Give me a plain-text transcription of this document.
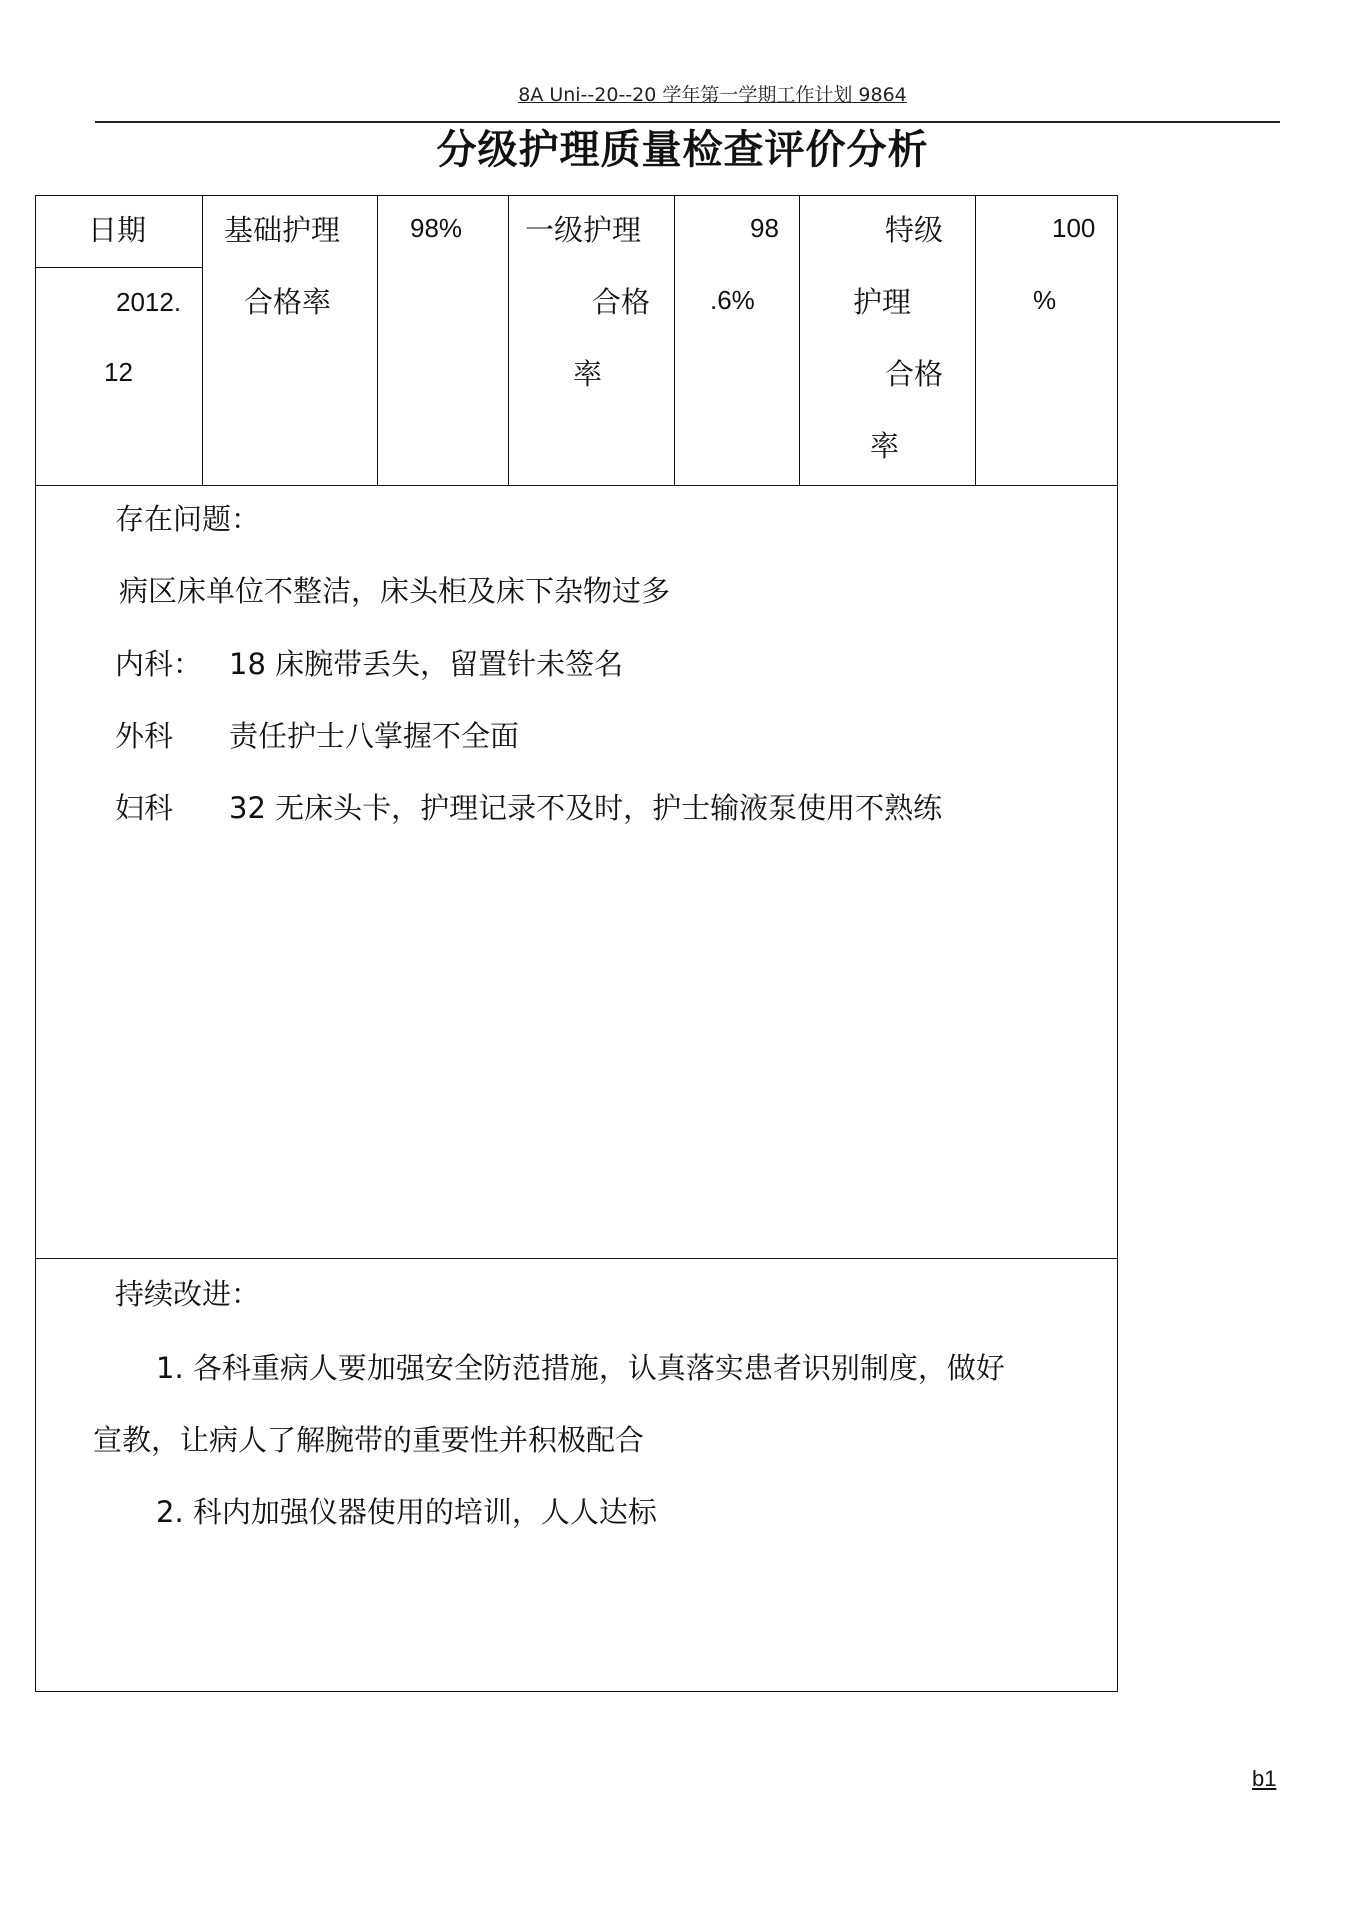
8A Uni--20--20 学年第一学期工作计划 9864
分级护理质量检查评价分析
日期
2012.
12
基础护理
合格率
98% 一级护理
合格
率
98
.6%
特级
护理
合格
率
100
%
存在问题：
病区床单位不整洁，床头柜及床下杂物过多
内科： 18 床腕带丢失，留置针未签名
外科 责任护士八掌握不全面
妇科 32 无床头卡，护理记录不及时，护士输液泵使用不熟练
持续改进：
1. 各科重病人要加强安全防范措施，认真落实患者识别制度，做好
宣教，让病人了解腕带的重要性并积极配合
2. 科内加强仪器使用的培训，人人达标
b1
